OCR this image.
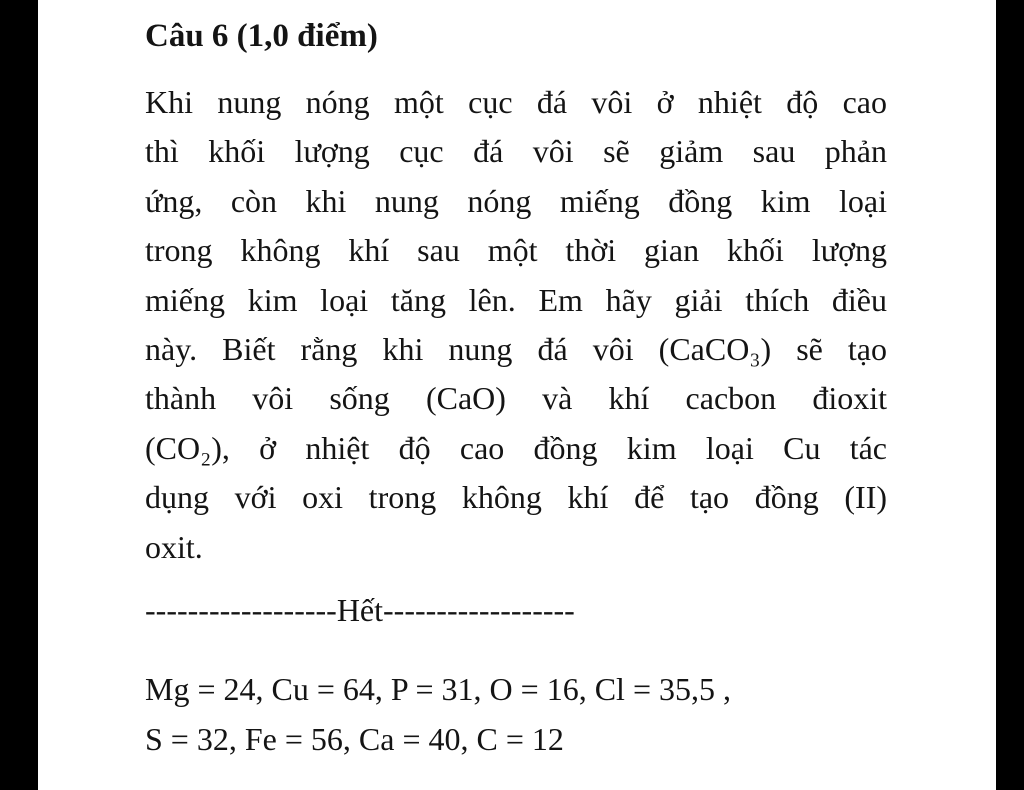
Câu 6 (1,0 điểm)
Khi nung nóng một cục đá vôi ở nhiệt độ cao
thì khối lượng cục đá vôi sẽ giảm sau phản
ứng, còn khi nung nóng miếng đồng kim loại
trong không khí sau một thời gian khối lượng
miếng kim loại tăng lên. Em hãy giải thích điều
này. Biết rằng khi nung đá vôi (CaCO₃) sẽ tạo
thành vôi sống (CaO) và khí cacbon đioxit
(CO₂), ở nhiệt độ cao đồng kim loại Cu tác
dụng với oxi trong không khí để tạo đồng (II)
oxit.
------------------Hết------------------
Mg = 24, Cu = 64, P = 31, O = 16, Cl = 35,5 ,
S = 32, Fe = 56, Ca = 40, C = 12
